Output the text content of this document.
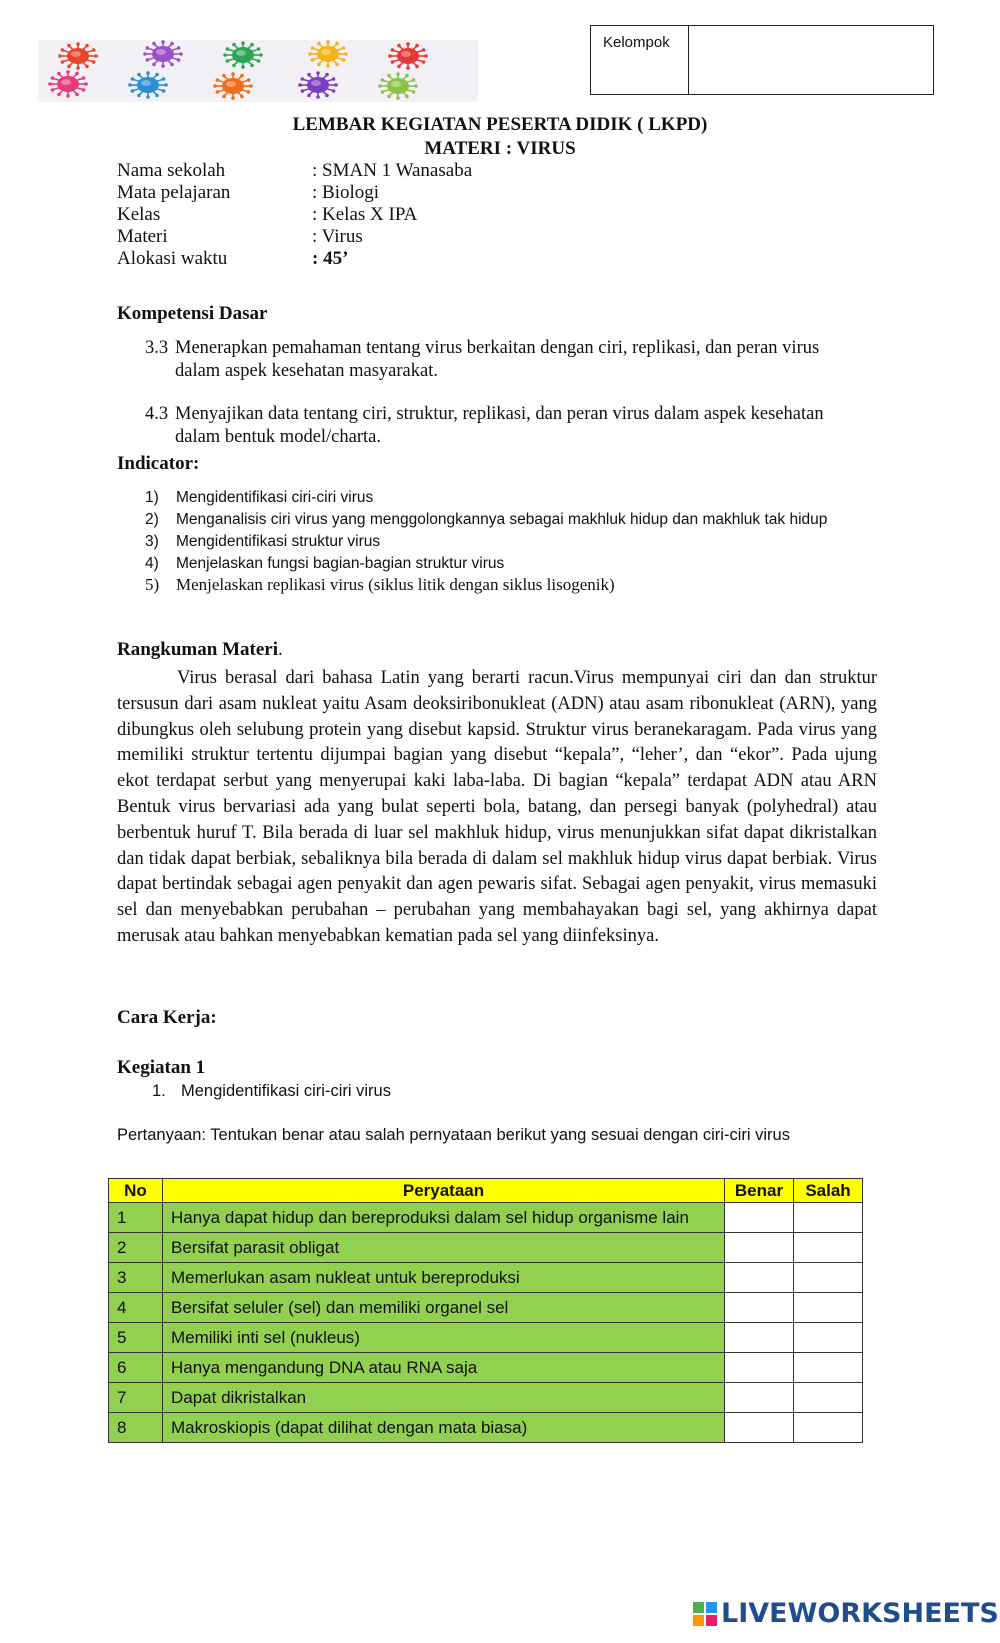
Kelompok
LEMBAR KEGIATAN PESERTA DIDIK ( LKPD)
MATERI : VIRUS
Nama sekolah	: SMAN 1 Wanasaba
Mata pelajaran	: Biologi
Kelas	: Kelas X IPA
Materi	: Virus
Alokasi waktu	: 45’
Kompetensi Dasar
3.3 Menerapkan pemahaman tentang virus berkaitan dengan ciri, replikasi, dan peran virus
dalam aspek kesehatan masyarakat.
4.3 Menyajikan data tentang ciri, struktur, replikasi, dan peran virus dalam aspek kesehatan
dalam bentuk model/charta.
Indicator:
1)	Mengidentifikasi ciri-ciri virus
2)	Menganalisis ciri virus yang menggolongkannya sebagai makhluk hidup dan makhluk tak hidup
3)	Mengidentifikasi struktur virus
4)	Menjelaskan fungsi bagian-bagian struktur virus
5) Menjelaskan replikasi virus (siklus litik dengan siklus lisogenik)
Rangkuman Materi.

Virus berasal dari bahasa Latin yang berarti racun.Virus mempunyai ciri dan dan struktur tersusun dari asam nukleat yaitu Asam deoksiribonukleat (ADN) atau asam ribonukleat (ARN), yang dibungkus oleh selubung protein yang disebut kapsid. Struktur virus beranekaragam. Pada virus yang memiliki struktur tertentu dijumpai bagian yang disebut “kepala”, “leher’, dan “ekor”. Pada ujung ekot terdapat serbut yang menyerupai kaki laba-laba. Di bagian “kepala” terdapat ADN atau ARN Bentuk virus bervariasi ada yang bulat seperti bola, batang, dan persegi banyak (polyhedral) atau berbentuk huruf T. Bila berada di luar sel makhluk hidup, virus menunjukkan sifat dapat dikristalkan dan tidak dapat berbiak, sebaliknya bila berada di dalam sel makhluk hidup virus dapat berbiak. Virus dapat bertindak sebagai agen penyakit dan agen pewaris sifat. Sebagai agen penyakit, virus memasuki sel dan menyebabkan perubahan – perubahan yang membahayakan bagi sel, yang akhirnya dapat merusak atau bahkan menyebabkan kematian pada sel yang diinfeksinya.

Cara Kerja:
Kegiatan 1
1. Mengidentifikasi ciri-ciri virus
Pertanyaan: Tentukan benar atau salah pernyataan berikut yang sesuai dengan ciri-ciri virus
No	Peryataan	Benar	Salah
1	Hanya dapat hidup dan bereproduksi dalam sel hidup organisme lain		
2	Bersifat parasit obligat		
3	Memerlukan asam nukleat untuk bereproduksi		
4	Bersifat seluler (sel) dan memiliki organel sel		
5	Memiliki inti sel (nukleus)		
6	Hanya mengandung DNA atau RNA saja		
7	Dapat dikristalkan		
8	Makroskiopis (dapat dilihat dengan mata biasa)		
LIVEWORKSHEETS
